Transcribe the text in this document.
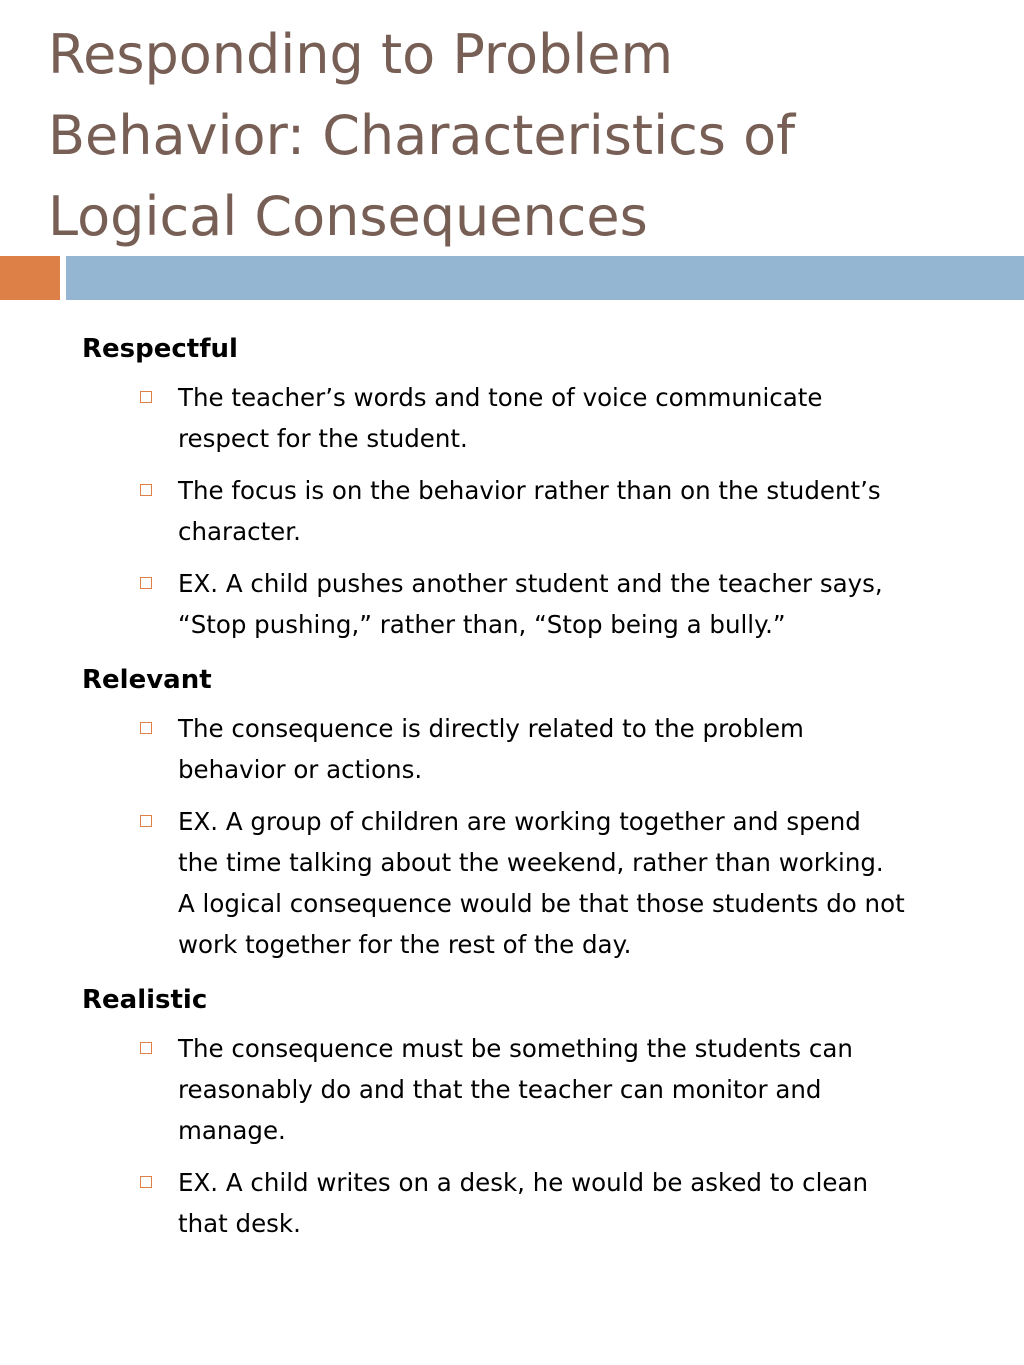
Responding to Problem
Behavior: Characteristics of
Logical Consequences

Respectful

The teacher’s words and tone of voice communicate
respect for the student.
The focus is on the behavior rather than on the student’s
character.
EX. A child pushes another student and the teacher says,
“Stop pushing,” rather than, “Stop being a bully.”

Relevant

The consequence is directly related to the problem
behavior or actions.
EX. A group of children are working together and spend
the time talking about the weekend, rather than working.
A logical consequence would be that those students do not
work together for the rest of the day.

Realistic

The consequence must be something the students can
reasonably do and that the teacher can monitor and
manage.
EX. A child writes on a desk, he would be asked to clean
that desk.
